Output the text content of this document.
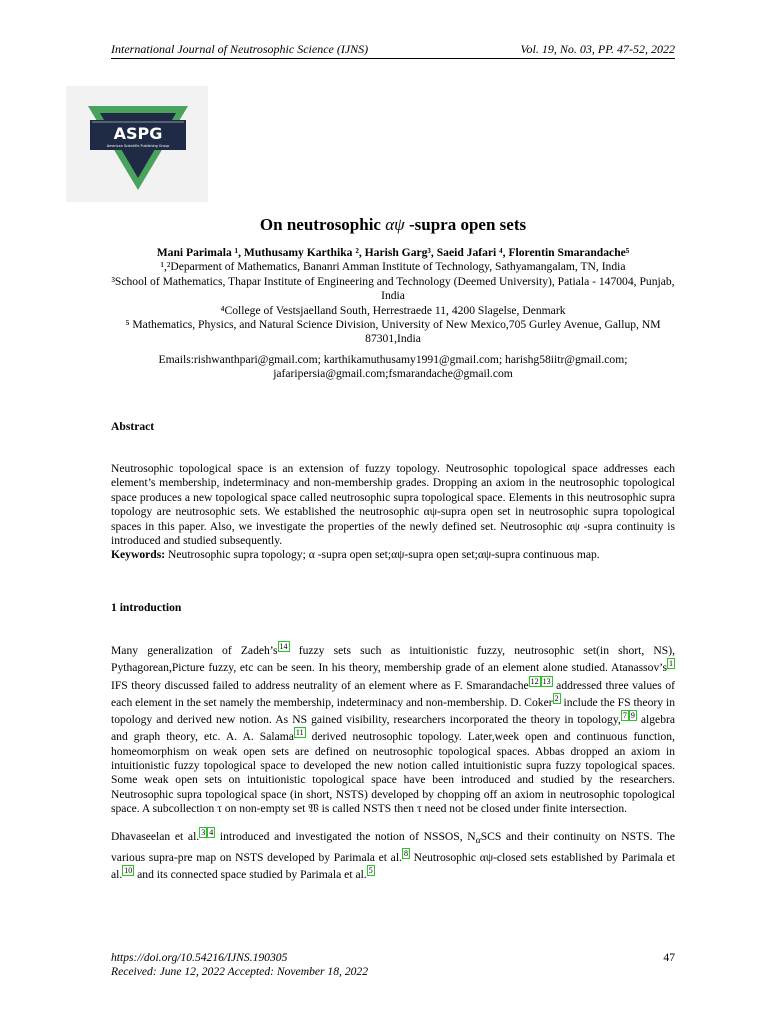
International Journal of Neutrosophic Science (IJNS)	Vol. 19, No. 03, PP. 47-52, 2022
ASPG
American Scientific Publishing Group
On neutrosophic αψ -supra open sets

Mani Parimala ¹, Muthusamy Karthika ², Harish Garg³, Saeid Jafari ⁴, Florentin Smarandache⁵

¹,²Deparment of Mathematics, Bananri Amman Institute of Technology, Sathyamangalam, TN, India

³School of Mathematics, Thapar Institute of Engineering and Technology (Deemed University), Patiala - 147004, Punjab, India

⁴College of Vestsjaelland South, Herrestraede 11, 4200 Slagelse, Denmark

⁵ Mathematics, Physics, and Natural Science Division, University of New Mexico,705 Gurley Avenue, Gallup, NM 87301,India

Emails:rishwanthpari@gmail.com; karthikamuthusamy1991@gmail.com; harishg58iitr@gmail.com; jafaripersia@gmail.com;fsmarandache@gmail.com

Abstract

Neutrosophic topological space is an extension of fuzzy topology. Neutrosophic topological space addresses each element’s membership, indeterminacy and non-membership grades. Dropping an axiom in the neutrosophic topological space produces a new topological space called neutrosophic supra topological space. Elements in this neutrosophic supra topology are neutrosophic sets. We established the neutrosophic αψ-supra open set in neutrosophic supra topological spaces in this paper. Also, we investigate the properties of the newly defined set. Neutrosophic αψ -supra continuity is introduced and studied subsequently.

Keywords: Neutrosophic supra topology; α -supra open set;αψ-supra open set;αψ-supra continuous map.

1 introduction

Many generalization of Zadeh’s 14 fuzzy sets such as intuitionistic fuzzy, neutrosophic set(in short, NS), Pythagorean,Picture fuzzy, etc can be seen. In his theory, membership grade of an element alone studied. Atanassov’s 1 IFS theory discussed failed to address neutrality of an element where as F. Smarandache 12 13 addressed three values of each element in the set namely the membership, indeterminacy and non-membership. D. Coker 2 include the FS theory in topology and derived new notion. As NS gained visibility, researchers incorporated the theory in topology, 7 9 algebra and graph theory, etc. A. A. Salama 11 derived neutrosophic topology. Later,week open and continuous function, homeomorphism on weak open sets are defined on neutrosophic topological spaces. Abbas dropped an axiom in intuitionistic fuzzy topological space to developed the new notion called intuitionistic supra fuzzy topological spaces. Some weak open sets on intuitionistic topological space have been introduced and studied by the researchers. Neutrosophic supra topological space (in short, NSTS) developed by chopping off an axiom in neutrosophic topological space. A subcollection τ on non-empty set 𝔚 is called NSTS then τ need not be closed under finite intersection.

Dhavaseelan et al. 3 4 introduced and investigated the notion of NSSOS, $N_\alpha SCS$ and their continuity on NSTS. The various supra-pre map on NSTS developed by Parimala et al. 8 Neutrosophic αψ-closed sets established by Parimala et al. 10 and its connected space studied by Parimala et al. 5

https://doi.org/10.54216/IJNS.190305
Received: June 12, 2022 Accepted: November 18, 2022
47
